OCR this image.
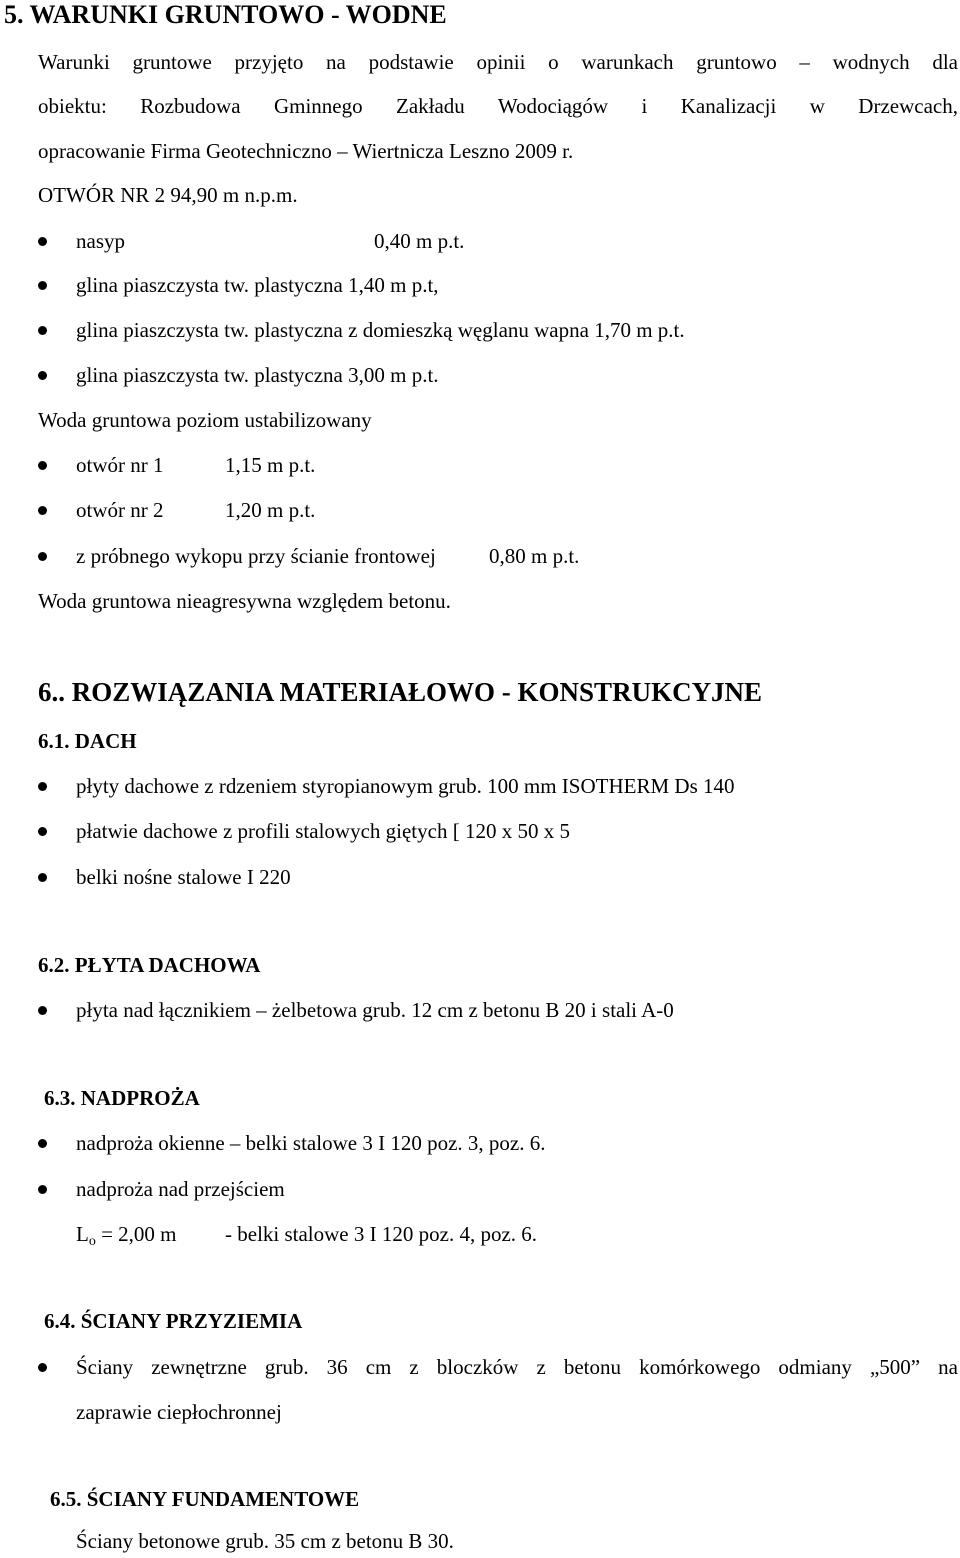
5. WARUNKI GRUNTOWO - WODNE
Warunki gruntowe przyjęto na podstawie opinii o warunkach gruntowo – wodnych dla
obiektu: Rozbudowa Gminnego Zakładu Wodociągów i Kanalizacji w Drzewcach,
opracowanie Firma Geotechniczno – Wiertnicza Leszno 2009 r.
OTWÓR NR 2 94,90 m n.p.m.
nasyp	0,40 m p.t.
glina piaszczysta tw. plastyczna 1,40 m p.t,
glina piaszczysta tw. plastyczna z domieszką węglanu wapna 1,70 m p.t.
glina piaszczysta tw. plastyczna 3,00 m p.t.
Woda gruntowa poziom ustabilizowany
otwór nr 1	1,15 m p.t.
otwór nr 2	1,20 m p.t.
z próbnego wykopu przy ścianie frontowej	0,80 m p.t.
Woda gruntowa nieagresywna względem betonu.
6.. ROZWIĄZANIA MATERIAŁOWO - KONSTRUKCYJNE
6.1. DACH
płyty dachowe z rdzeniem styropianowym grub. 100 mm ISOTHERM Ds 140
płatwie dachowe z profili stalowych giętych [ 120 x 50 x 5
belki nośne stalowe I 220
6.2. PŁYTA DACHOWA
płyta nad łącznikiem – żelbetowa grub. 12 cm z betonu B 20 i stali A-0
6.3. NADPROŻA
nadproża okienne – belki stalowe 3 I 120 poz. 3, poz. 6.
nadproża nad przejściem
$L_o = 2,00$ m - belki stalowe 3 I 120 poz. 4, poz. 6.
6.4. ŚCIANY PRZYZIEMIA
Ściany zewnętrzne grub. 36 cm z bloczków z betonu komórkowego odmiany „500” na
zaprawie ciepłochronnej
6.5. ŚCIANY FUNDAMENTOWE
Ściany betonowe grub. 35 cm z betonu B 30.
